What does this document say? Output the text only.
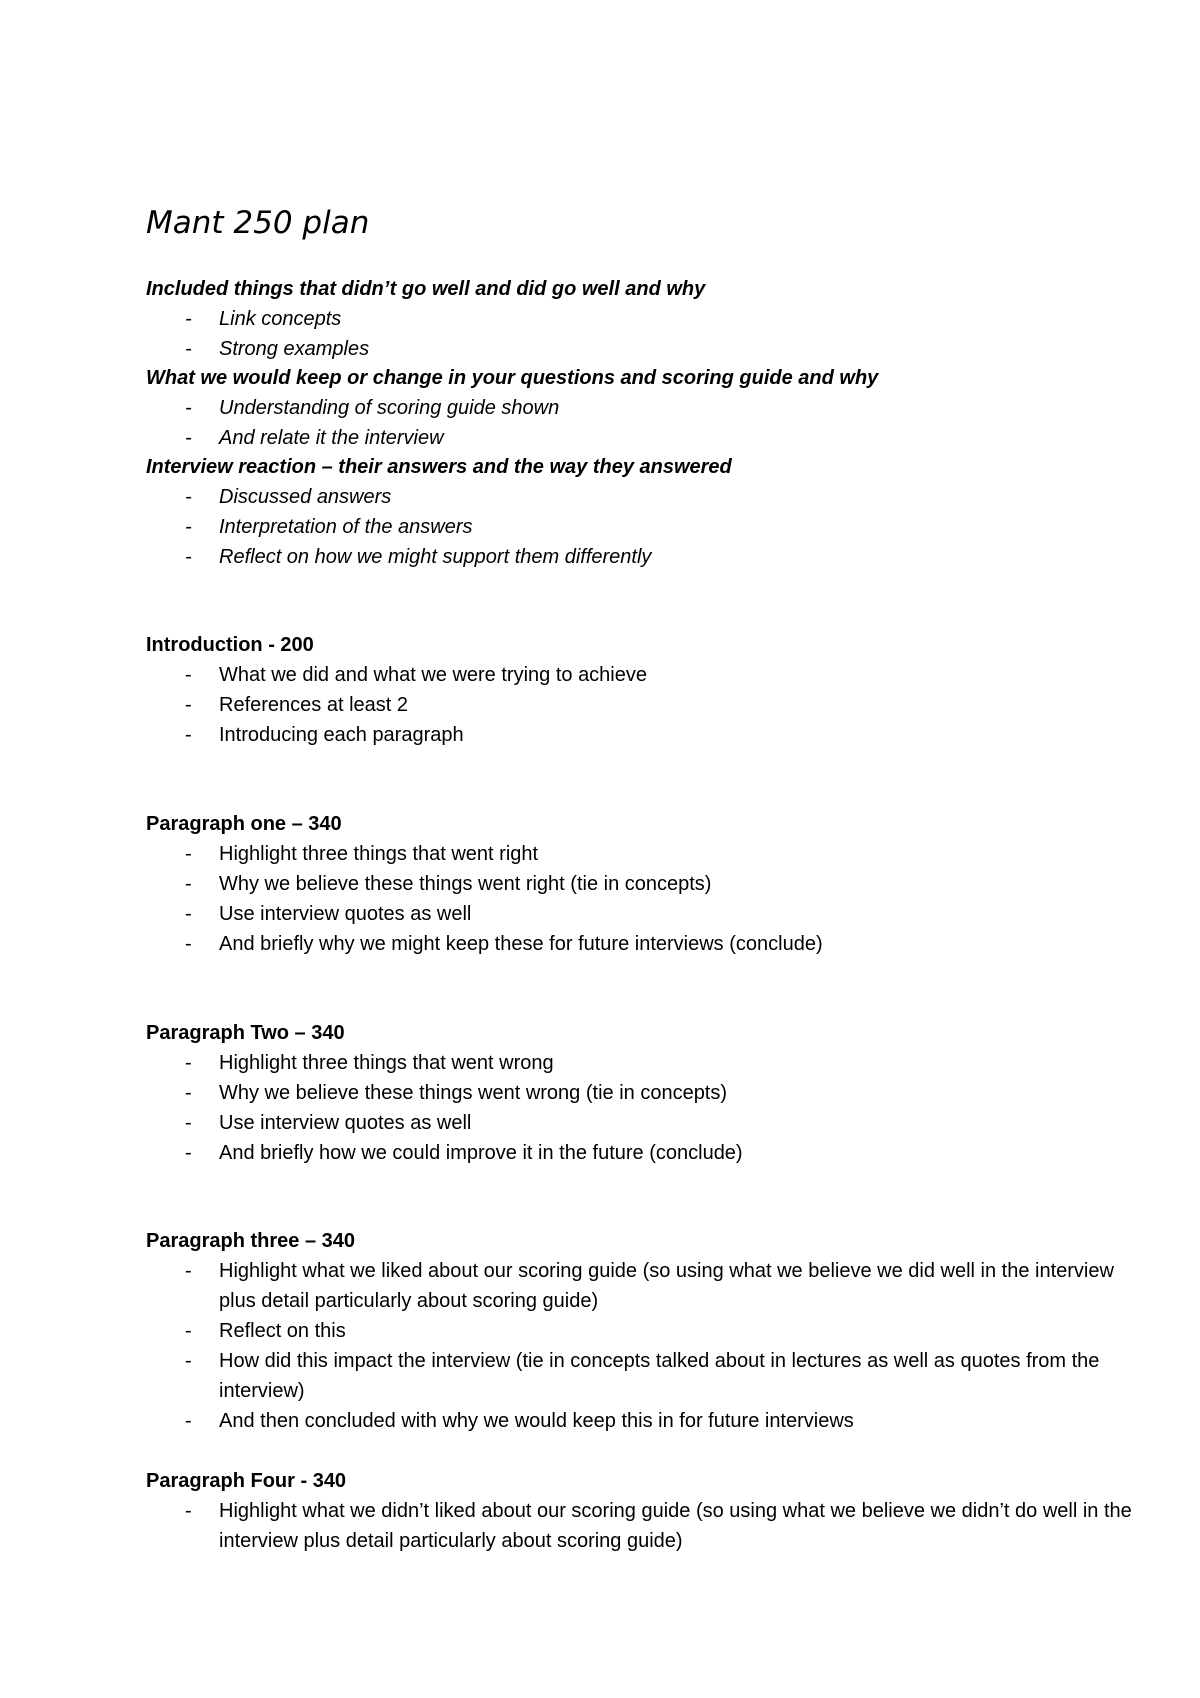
Mant 250 plan

Included things that didn’t go well and did go well and why

- Link concepts
- Strong examples

What we would keep or change in your questions and scoring guide and why

- Understanding of scoring guide shown
- And relate it the interview

Interview reaction – their answers and the way they answered

- Discussed answers
- Interpretation of the answers
- Reflect on how we might support them differently

Introduction - 200

- What we did and what we were trying to achieve
- References at least 2
- Introducing each paragraph

Paragraph one – 340

- Highlight three things that went right
- Why we believe these things went right (tie in concepts)
- Use interview quotes as well
- And briefly why we might keep these for future interviews (conclude)

Paragraph Two – 340

- Highlight three things that went wrong
- Why we believe these things went wrong (tie in concepts)
- Use interview quotes as well
- And briefly how we could improve it in the future (conclude)

Paragraph three – 340

- Highlight what we liked about our scoring guide (so using what we believe we did well in the interview plus detail particularly about scoring guide)
- Reflect on this
- How did this impact the interview (tie in concepts talked about in lectures as well as quotes from the interview)
- And then concluded with why we would keep this in for future interviews

Paragraph Four - 340

- Highlight what we didn’t liked about our scoring guide (so using what we believe we didn’t do well in the interview plus detail particularly about scoring guide)
